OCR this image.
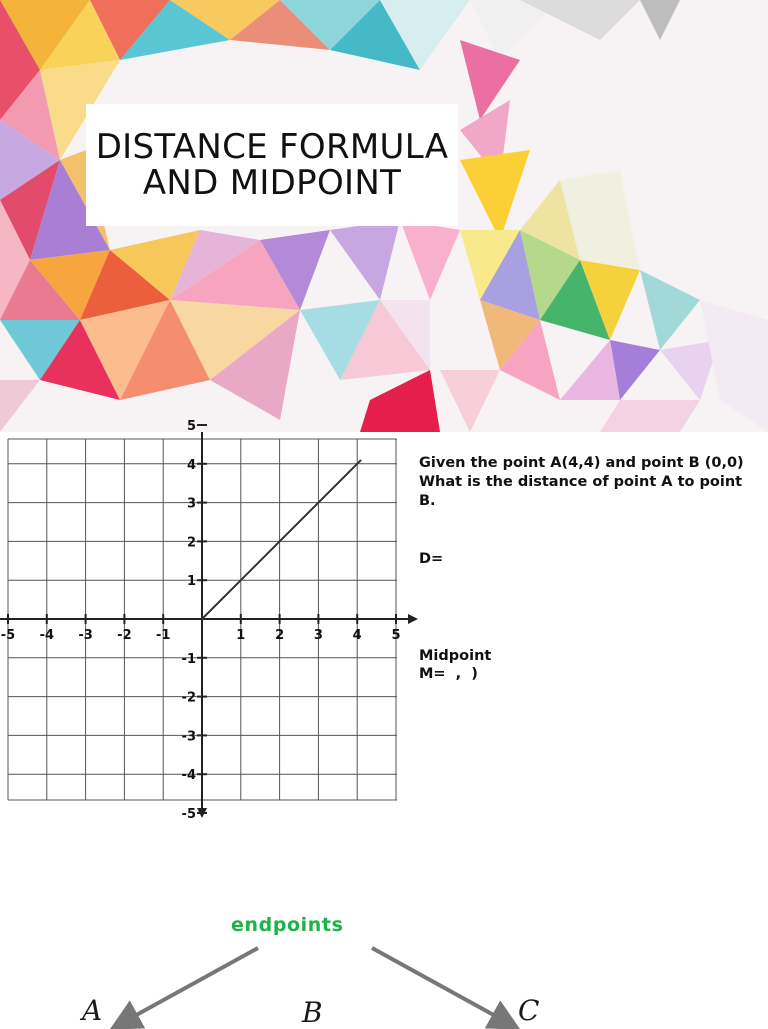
DISTANCE FORMULA AND MIDPOINT
-5 -4 -3 -2 -1	1 2 3 4 5
5
4
3
2
1
-1
-2
-3
-4
-5
Given the point A(4,4) and point B (0,0)
What is the distance of point A to point B.
D=
Midpoint
M=  ,  )
endpoints
A	B	C
